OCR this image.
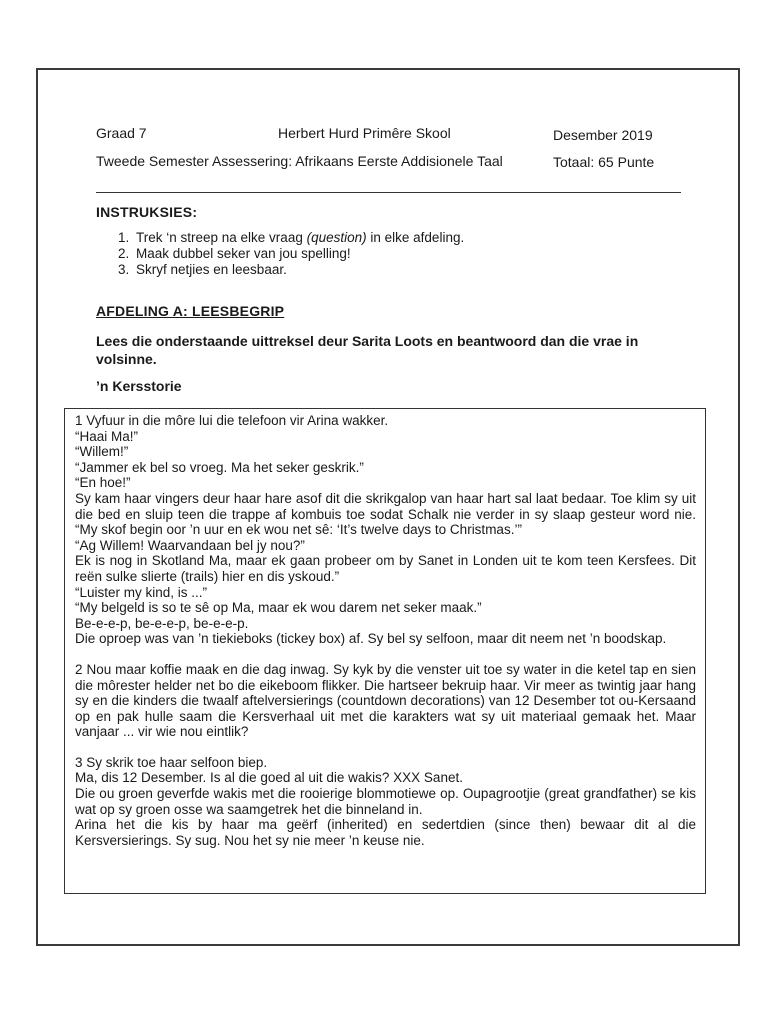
Graad 7	Herbert Hurd Primêre Skool	Desember 2019
Tweede Semester Assessering: Afrikaans Eerste Addisionele Taal	Totaal: 65 Punte
INSTRUKSIES:
1. Trek ‘n streep na elke vraag (question) in elke afdeling.
2. Maak dubbel seker van jou spelling!
3. Skryf netjies en leesbaar.
AFDELING A: LEESBEGRIP
Lees die onderstaande uittreksel deur Sarita Loots en beantwoord dan die vrae in volsinne.
’n Kersstorie

1 Vyfuur in die môre lui die telefoon vir Arina wakker.

“Haai Ma!”

“Willem!”

“Jammer ek bel so vroeg. Ma het seker geskrik.”

“En hoe!”

Sy kam haar vingers deur haar hare asof dit die skrikgalop van haar hart sal laat bedaar. Toe klim sy uit die bed en sluip teen die trappe af kombuis toe sodat Schalk nie verder in sy slaap gesteur word nie. “My skof begin oor ’n uur en ek wou net sê: ‘It’s twelve days to Christmas.’”

“Ag Willem! Waarvandaan bel jy nou?”

Ek is nog in Skotland Ma, maar ek gaan probeer om by Sanet in Londen uit te kom teen Kersfees. Dit reën sulke slierte (trails) hier en dis yskoud.”

“Luister my kind, is ...”

“My belgeld is so te sê op Ma, maar ek wou darem net seker maak.”

Be-e-e-p, be-e-e-p, be-e-e-p.

Die oproep was van ’n tiekieboks (tickey box) af. Sy bel sy selfoon, maar dit neem net ’n boodskap.

2 Nou maar koffie maak en die dag inwag. Sy kyk by die venster uit toe sy water in die ketel tap en sien die môrester helder net bo die eikeboom flikker. Die hartseer bekruip haar. Vir meer as twintig jaar hang sy en die kinders die twaalf aftelversierings (countdown decorations) van 12 Desember tot ou-Kersaand op en pak hulle saam die Kersverhaal uit met die karakters wat sy uit materiaal gemaak het. Maar vanjaar ... vir wie nou eintlik?

3 Sy skrik toe haar selfoon biep.

Ma, dis 12 Desember. Is al die goed al uit die wakis? XXX Sanet.

Die ou groen geverfde wakis met die rooierige blommotiewe op. Oupagrootjie (great grandfather) se kis wat op sy groen osse wa saamgetrek het die binneland in.

Arina het die kis by haar ma geërf (inherited) en sedertdien (since then) bewaar dit al die Kersversierings. Sy sug. Nou het sy nie meer ’n keuse nie.
